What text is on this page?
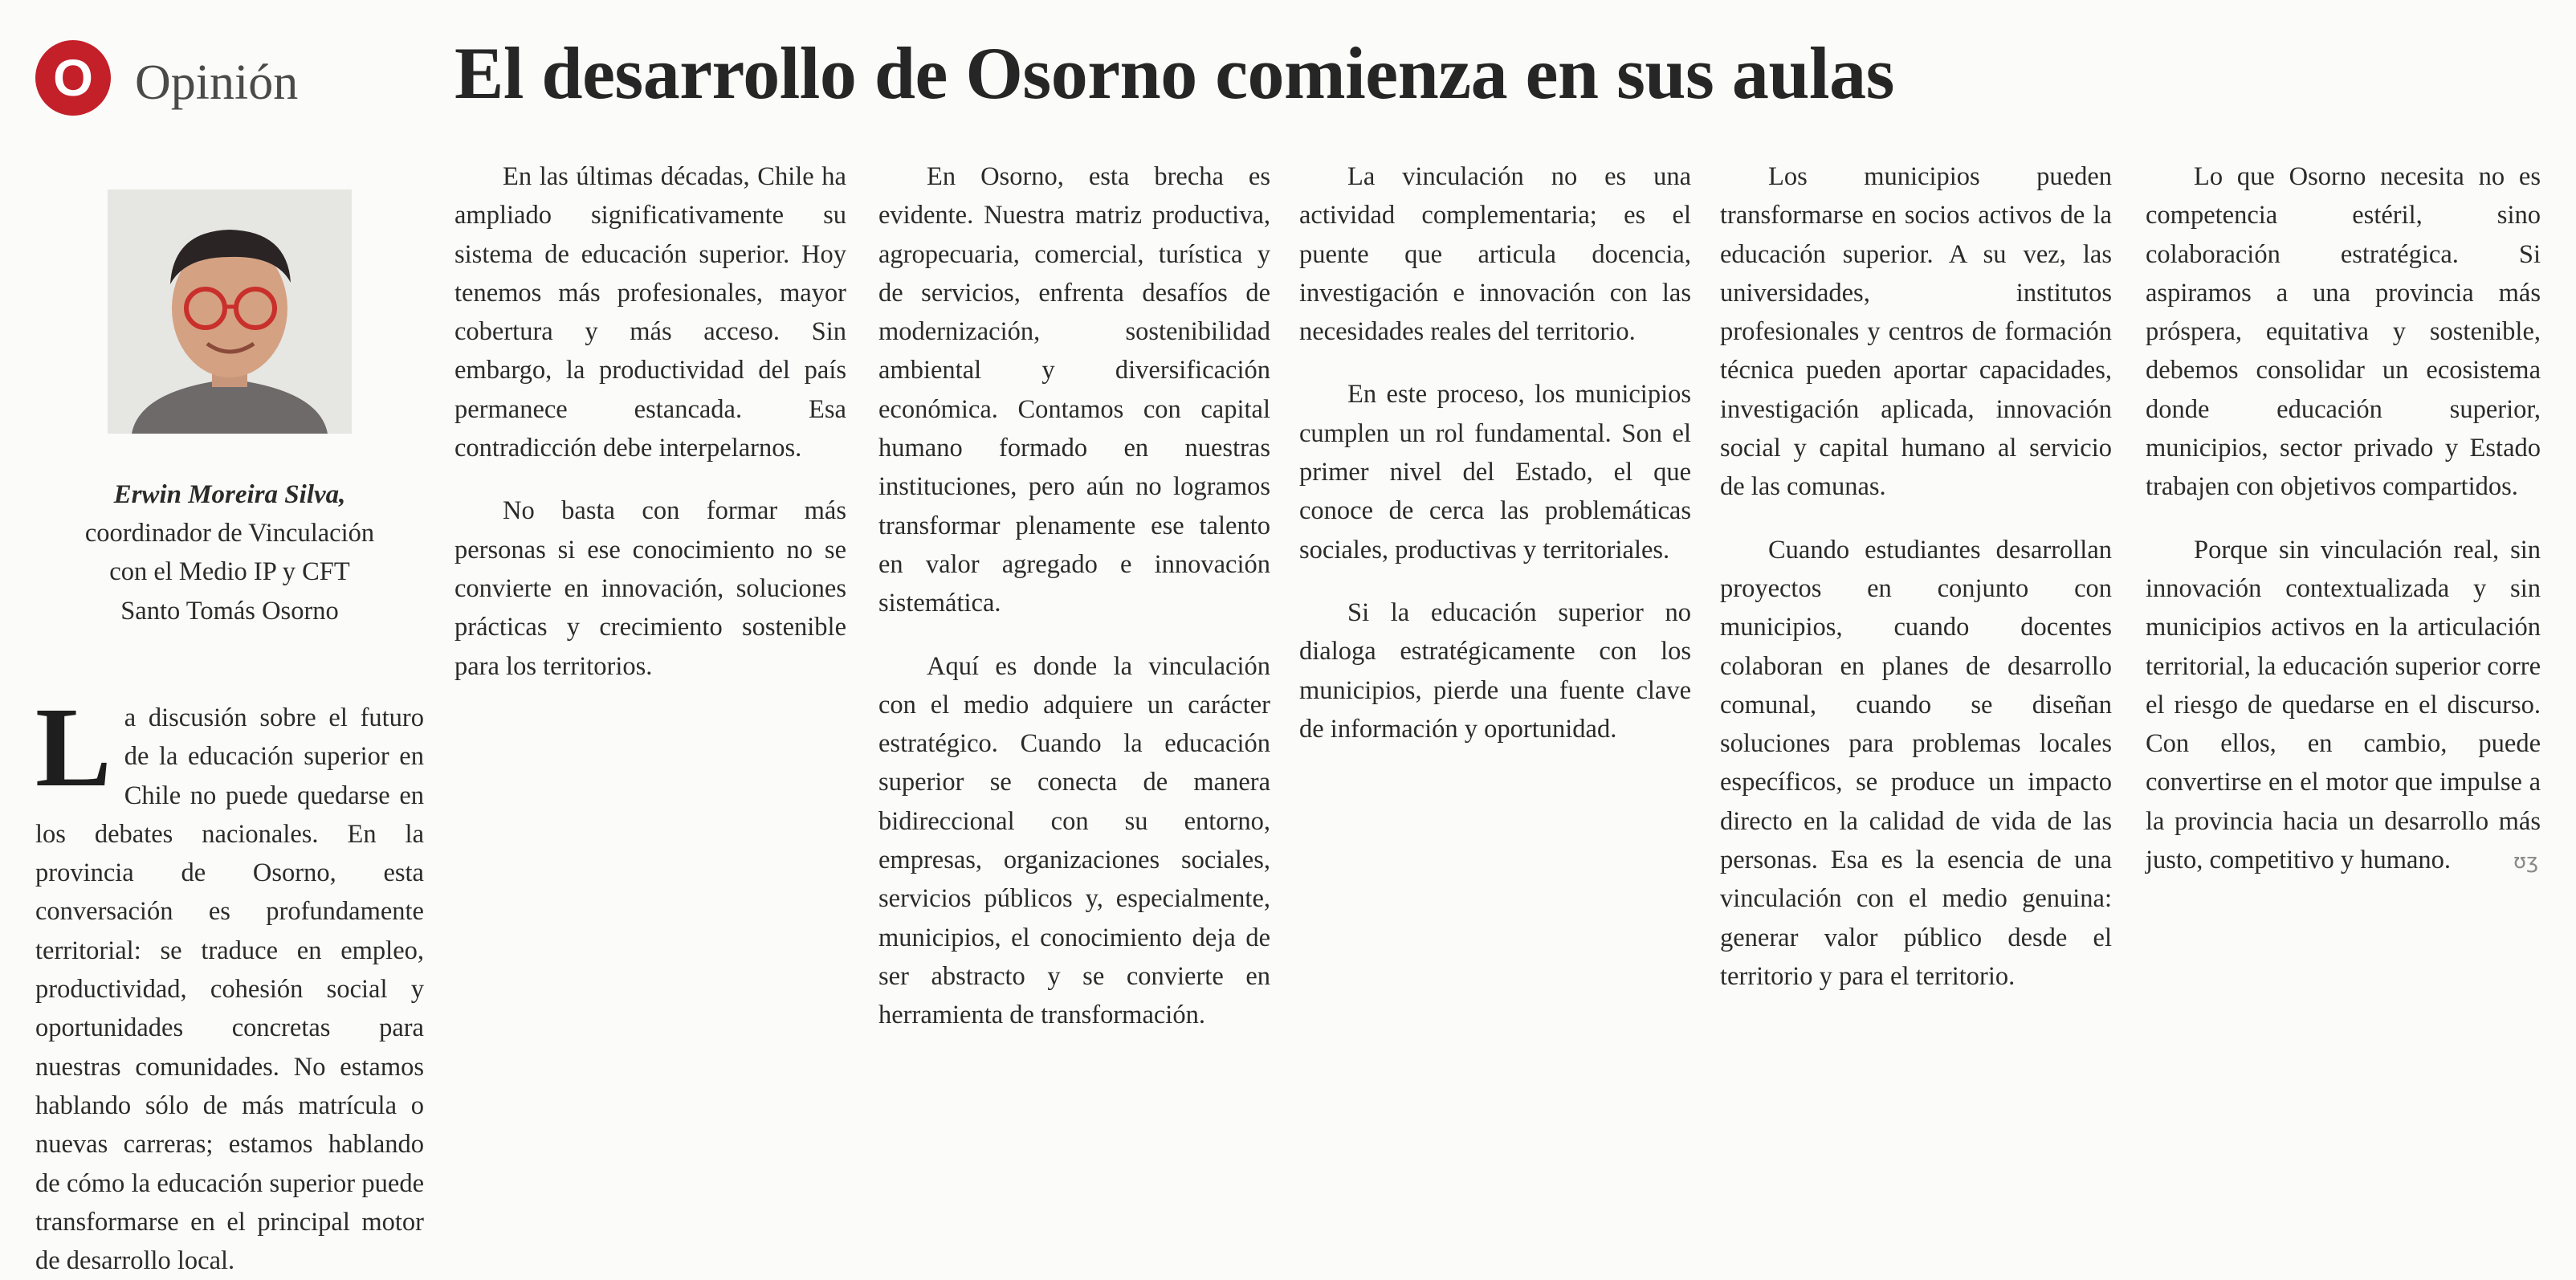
O Opinión El desarrollo de Osorno comienza en sus aulas
Erwin Moreira Silva,
coordinador de Vinculación
con el Medio IP y CFT
Santo Tomás Osorno
La discusión sobre el futuro de la educación superior en Chile no puede quedarse en los debates nacionales. En la provincia de Osorno, esta conversación es profundamente territorial: se traduce en empleo, productividad, cohesión social y oportunidades concretas para nuestras comunidades. No estamos hablando sólo de más matrícula o nuevas carreras; estamos hablando de cómo la educación superior puede transformarse en el principal motor de desarrollo local.

En las últimas décadas, Chile ha ampliado significativamente su sistema de educación superior. Hoy tenemos más profesionales, mayor cobertura y más acceso. Sin embargo, la productividad del país permanece estancada. Esa contradicción debe interpelarnos.

No basta con formar más personas si ese conocimiento no se convierte en innovación, soluciones prácticas y crecimiento sostenible para los territorios.

En Osorno, esta brecha es evidente. Nuestra matriz productiva, agropecuaria, comercial, turística y de servicios, enfrenta desafíos de modernización, sostenibilidad ambiental y diversificación económica. Contamos con capital humano formado en nuestras instituciones, pero aún no logramos transformar plenamente ese talento en valor agregado e innovación sistemática.

Aquí es donde la vinculación con el medio adquiere un carácter estratégico. Cuando la educación superior se conecta de manera bidireccional con su entorno, empresas, organizaciones sociales, servicios públicos y, especialmente, municipios, el conocimiento deja de ser abstracto y se convierte en herramienta de transformación.

La vinculación no es una actividad complementaria; es el puente que articula docencia, investigación e innovación con las necesidades reales del territorio.

En este proceso, los municipios cumplen un rol fundamental. Son el primer nivel del Estado, el que conoce de cerca las problemáticas sociales, productivas y territoriales.

Si la educación superior no dialoga estratégicamente con los municipios, pierde una fuente clave de información y oportunidad.

Los municipios pueden transformarse en socios activos de la educación superior. A su vez, las universidades, institutos profesionales y centros de formación técnica pueden aportar capacidades, investigación aplicada, innovación social y capital humano al servicio de las comunas.

Cuando estudiantes desarrollan proyectos en conjunto con municipios, cuando docentes colaboran en planes de desarrollo comunal, cuando se diseñan soluciones para problemas locales específicos, se produce un impacto directo en la calidad de vida de las personas. Esa es la esencia de una vinculación con el medio genuina: generar valor público desde el territorio y para el territorio.

Lo que Osorno necesita no es competencia estéril, sino colaboración estratégica. Si aspiramos a una provincia más próspera, equitativa y sostenible, debemos consolidar un ecosistema donde educación superior, municipios, sector privado y Estado trabajen con objetivos compartidos.

Porque sin vinculación real, sin innovación contextualizada y sin municipios activos en la articulación territorial, la educación superior corre el riesgo de quedarse en el discurso. Con ellos, en cambio, puede convertirse en el motor que impulse a la provincia hacia un desarrollo más justo, competitivo y humano.	ʊʒ
